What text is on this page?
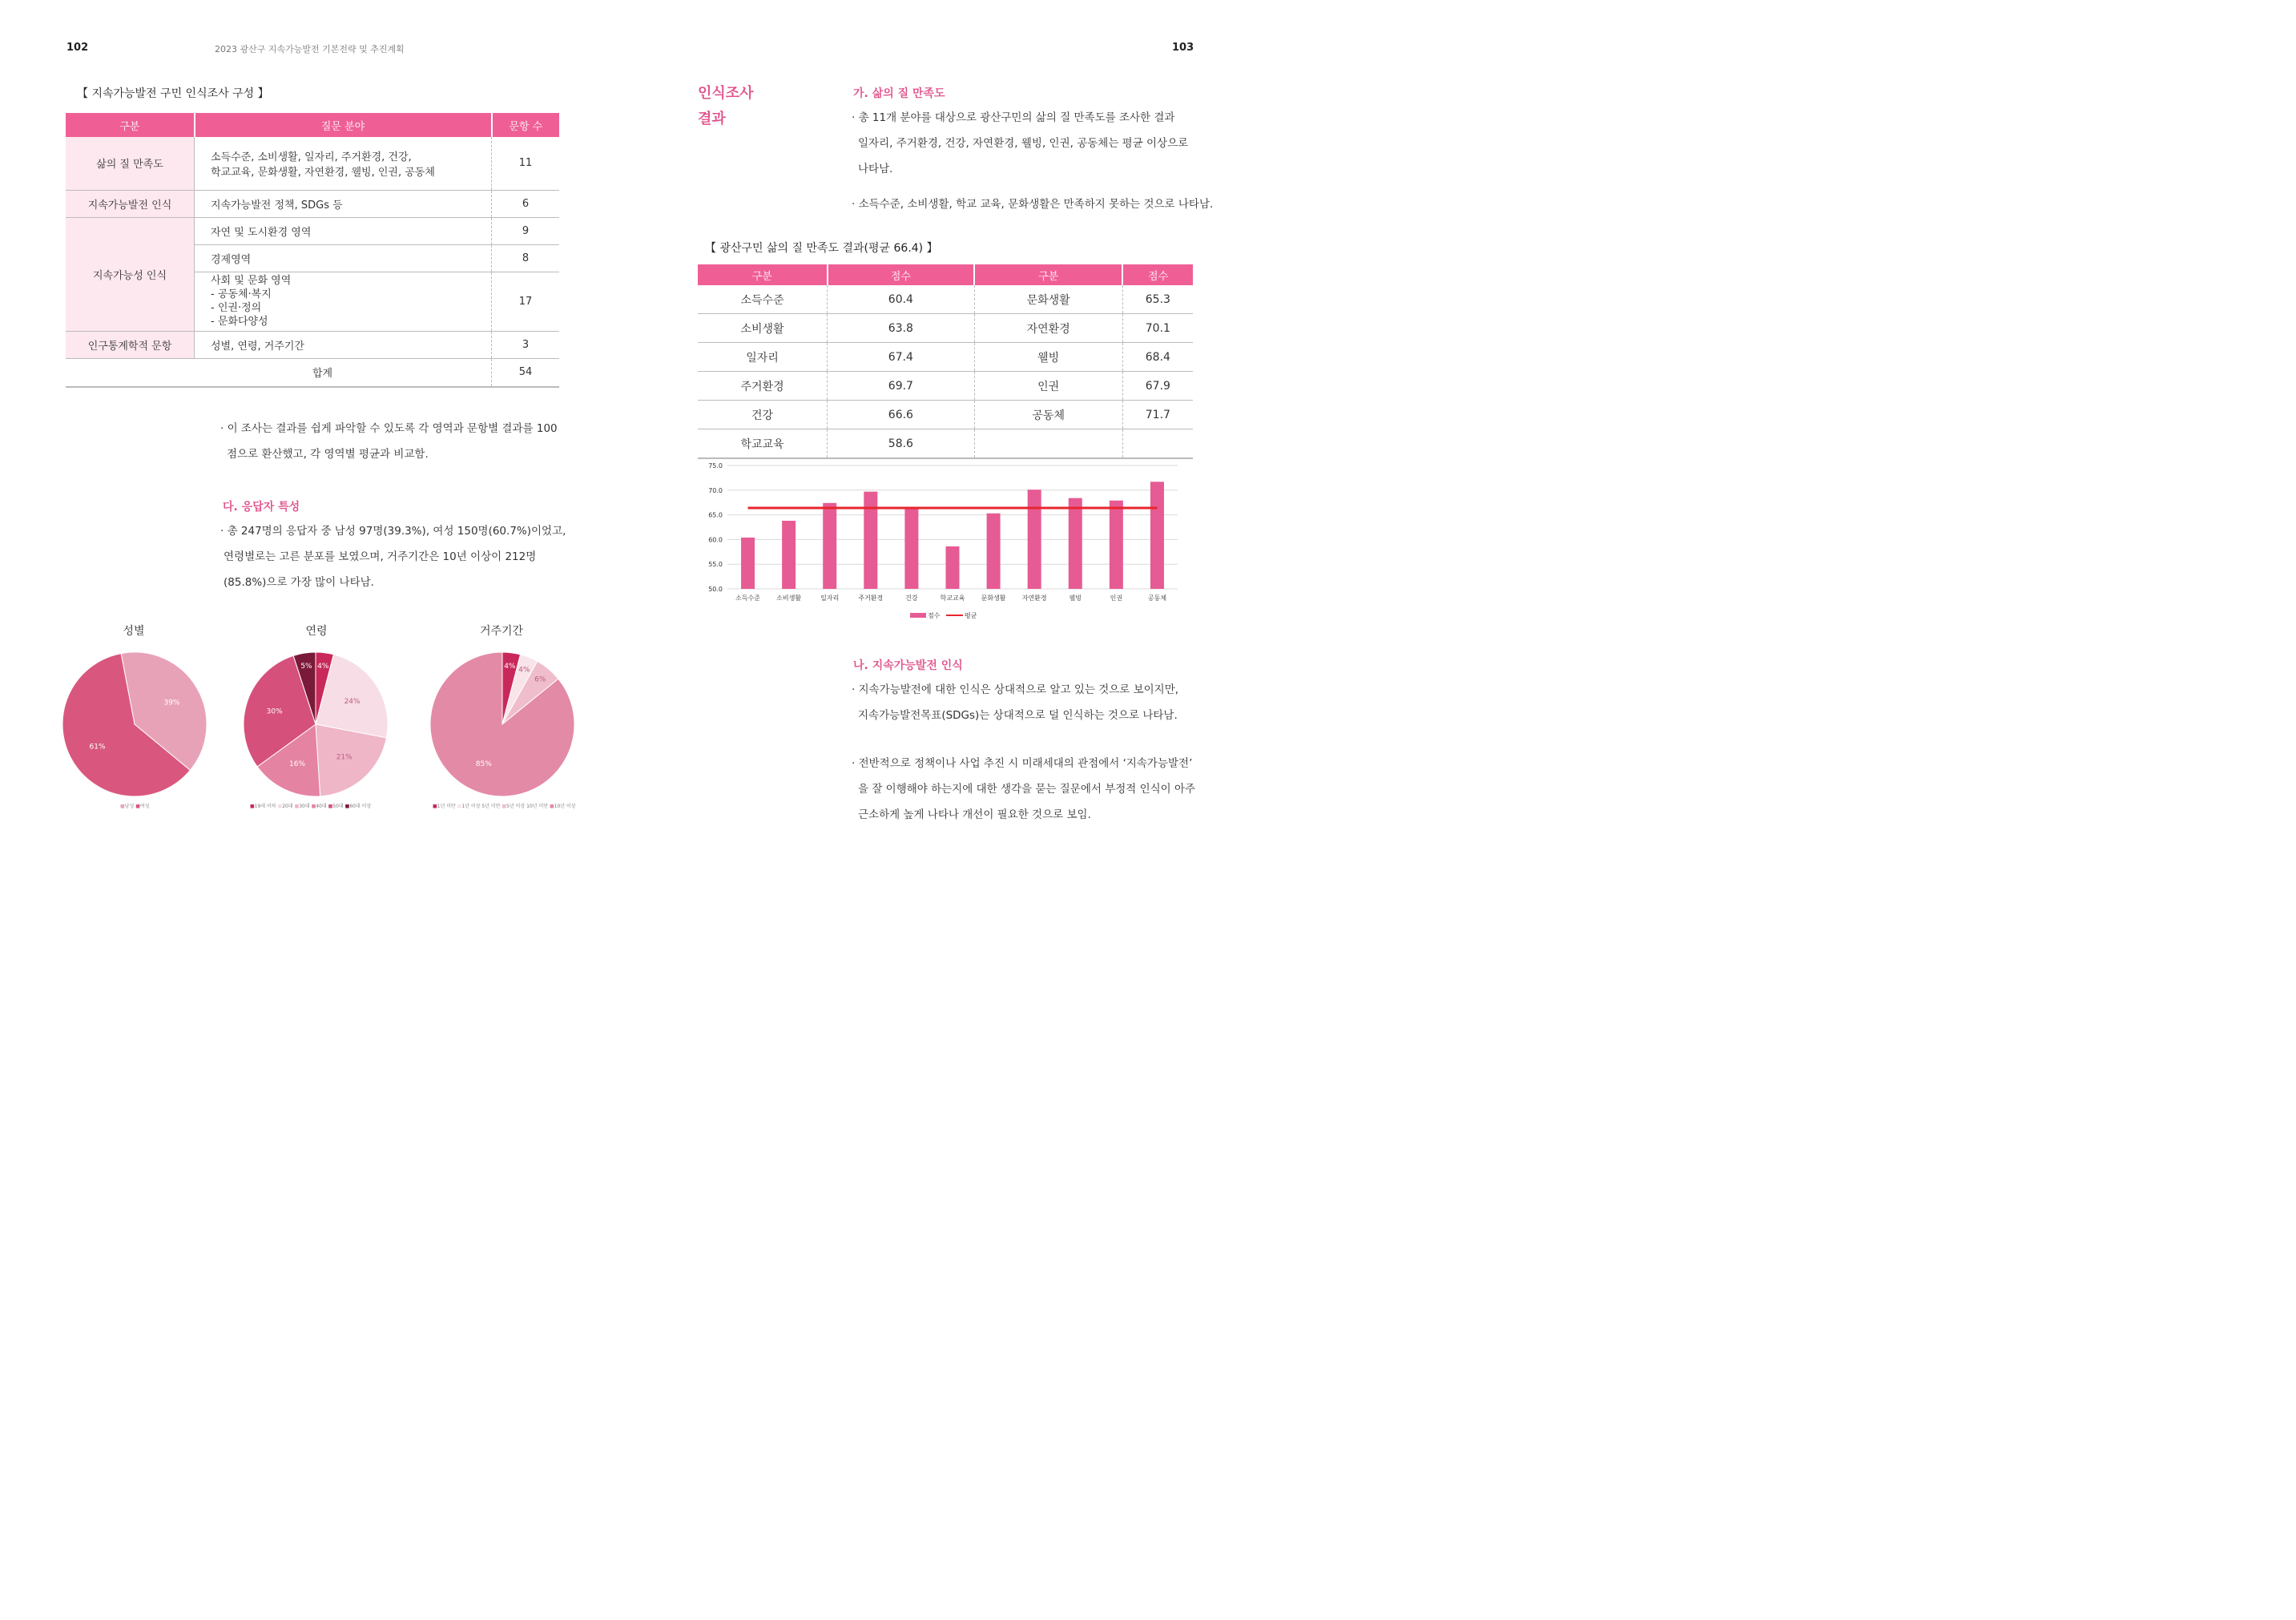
102	2023 광산구 지속가능발전 기본전략 및 추진계획	103
【 지속가능발전 구민 인식조사 구성 】
구분	질문 분야	문항 수
삶의 질 만족도	소득수준, 소비생활, 일자리, 주거환경, 건강,
학교교육, 문화생활, 자연환경, 웰빙, 인권, 공동체	11
지속가능발전 인식	지속가능발전 정책, SDGs 등	6
지속가능성 인식	자연 및 도시환경 영역	9
	경제영역	8

	사회 및 문화 영역
- 공동체·복지
- 인권·정의
- 문화다양성	17
인구통계학적 문항	성별, 연령, 거주기간	3
합계		54
· 이 조사는 결과를 쉽게 파악할 수 있도록 각 영역과 문항별 결과를 100
점으로 환산했고, 각 영역별 평균과 비교함.
다. 응답자 특성
· 총 247명의 응답자 중 남성 97명(39.3%), 여성 150명(60.7%)이었고,
연령별로는 고른 분포를 보였으며, 거주기간은 10년 이상이 212명
(85.8%)으로 가장 많이 나타남.
성별	연령	거주기간
39%
61%
4%
24%
21%
16%
30%
5%	4% 4%
6%
85%
■남성 ■여성	■19세 이하 ■20대 ■30대 ■40대 ■50대 ■60대 이상	■1년 미만 ■1년 이상 5년 미만 ■5년 이상 10년 미만 ■10년 이상
인식조사
결과
가. 삶의 질 만족도
· 총 11개 분야를 대상으로 광산구민의 삶의 질 만족도를 조사한 결과
일자리, 주거환경, 건강, 자연환경, 웰빙, 인권, 공동체는 평균 이상으로
나타남.
· 소득수준, 소비생활, 학교 교육, 문화생활은 만족하지 못하는 것으로 나타남.
【 광산구민 삶의 질 만족도 결과(평균 66.4) 】
구분	점수	구분	점수
소득수준	60.4	문화생활	65.3
소비생활	63.8	자연환경	70.1
일자리	67.4	웰빙	68.4
주거환경	69.7	인권	67.9
건강	66.6	공동체	71.7
학교교육	58.6		
75.0
70.0
65.0
60.0
55.0
50.0
소득수준	소비생활	일자리	주거환경	건강	학교교육	문화생활	자연환경	웰빙	인권	공동체
점수	평균
나. 지속가능발전 인식
· 지속가능발전에 대한 인식은 상대적으로 알고 있는 것으로 보이지만,
지속가능발전목표(SDGs)는 상대적으로 덜 인식하는 것으로 나타남.
· 전반적으로 정책이나 사업 추진 시 미래세대의 관점에서 ‘지속가능발전’
을 잘 이행해야 하는지에 대한 생각을 묻는 질문에서 부정적 인식이 아주
근소하게 높게 나타나 개선이 필요한 것으로 보임.
